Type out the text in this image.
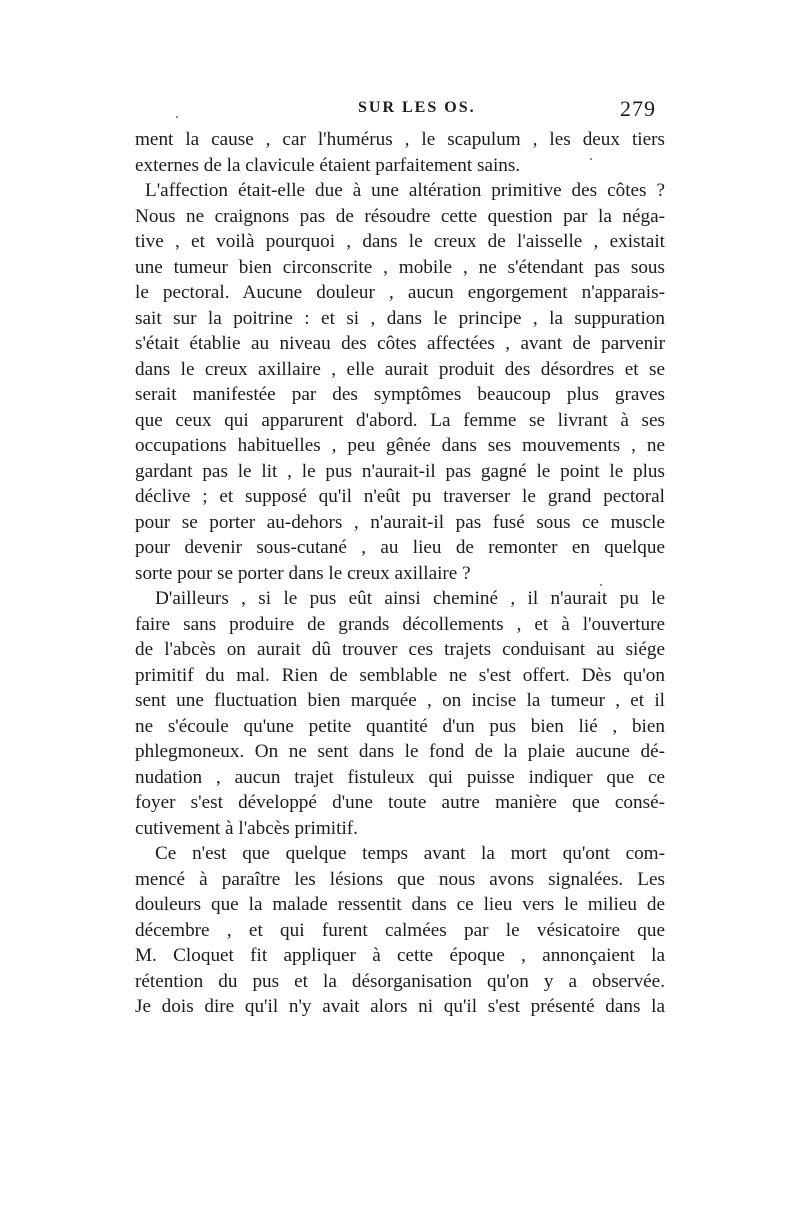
SUR LES OS.	279
ment la cause , car l'humérus , le scapulum , les deux tiers
externes de la clavicule étaient parfaitement sains.
L'affection était-elle due à une altération primitive des côtes ?
Nous ne craignons pas de résoudre cette question par la néga-
tive , et voilà pourquoi , dans le creux de l'aisselle , existait
une tumeur bien circonscrite , mobile , ne s'étendant pas sous
le pectoral. Aucune douleur , aucun engorgement n'apparais-
sait sur la poitrine : et si , dans le principe , la suppuration
s'était établie au niveau des côtes affectées , avant de parvenir
dans le creux axillaire , elle aurait produit des désordres et se
serait manifestée par des symptômes beaucoup plus graves
que ceux qui apparurent d'abord. La femme se livrant à ses
occupations habituelles , peu gênée dans ses mouvements , ne
gardant pas le lit , le pus n'aurait-il pas gagné le point le plus
déclive ; et supposé qu'il n'eût pu traverser le grand pectoral
pour se porter au-dehors , n'aurait-il pas fusé sous ce muscle
pour devenir sous-cutané , au lieu de remonter en quelque
sorte pour se porter dans le creux axillaire ?
D'ailleurs , si le pus eût ainsi cheminé , il n'aurait pu le
faire sans produire de grands décollements , et à l'ouverture
de l'abcès on aurait dû trouver ces trajets conduisant au siége
primitif du mal. Rien de semblable ne s'est offert. Dès qu'on
sent une fluctuation bien marquée , on incise la tumeur , et il
ne s'écoule qu'une petite quantité d'un pus bien lié , bien
phlegmoneux. On ne sent dans le fond de la plaie aucune dé-
nudation , aucun trajet fistuleux qui puisse indiquer que ce
foyer s'est développé d'une toute autre manière que consé-
cutivement à l'abcès primitif.
Ce n'est que quelque temps avant la mort qu'ont com-
mencé à paraître les lésions que nous avons signalées. Les
douleurs que la malade ressentit dans ce lieu vers le milieu de
décembre , et qui furent calmées par le vésicatoire que
M. Cloquet fit appliquer à cette époque , annonçaient la
rétention du pus et la désorganisation qu'on y a observée.
Je dois dire qu'il n'y avait alors ni qu'il s'est présenté dans la
